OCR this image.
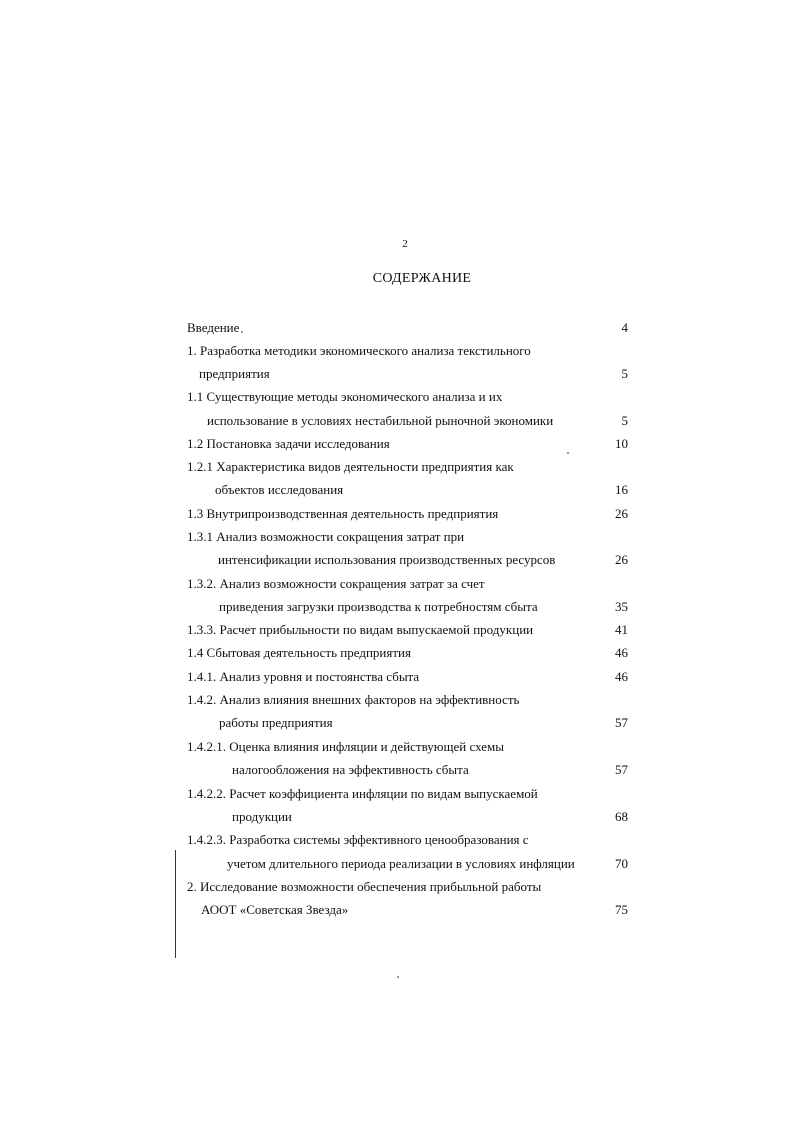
2
СОДЕРЖАНИЕ
Введение	4
1. Разработка методики экономического анализа текстильного
предприятия	5
1.1 Существующие методы экономического анализа и их
использование в условиях нестабильной рыночной экономики	5
1.2 Постановка задачи исследования	10
1.2.1 Характеристика видов деятельности предприятия как
объектов исследования	16
1.3 Внутрипроизводственная деятельность предприятия	26
1.3.1 Анализ возможности сокращения затрат при
интенсификации использования производственных ресурсов	26
1.3.2. Анализ возможности сокращения затрат за счет
приведения загрузки производства к потребностям сбыта	35
1.3.3. Расчет прибыльности по видам выпускаемой продукции	41
1.4 Сбытовая деятельность предприятия	46
1.4.1. Анализ уровня и постоянства сбыта	46
1.4.2. Анализ влияния внешних факторов на эффективность
работы предприятия	57
1.4.2.1. Оценка влияния инфляции и действующей схемы
налогообложения на эффективность сбыта	57
1.4.2.2. Расчет коэффициента инфляции по видам выпускаемой
продукции	68
1.4.2.3. Разработка системы эффективного ценообразования с
учетом длительного периода реализации в условиях инфляции	70
2. Исследование возможности обеспечения прибыльной работы
АООТ «Советская Звезда»	75
